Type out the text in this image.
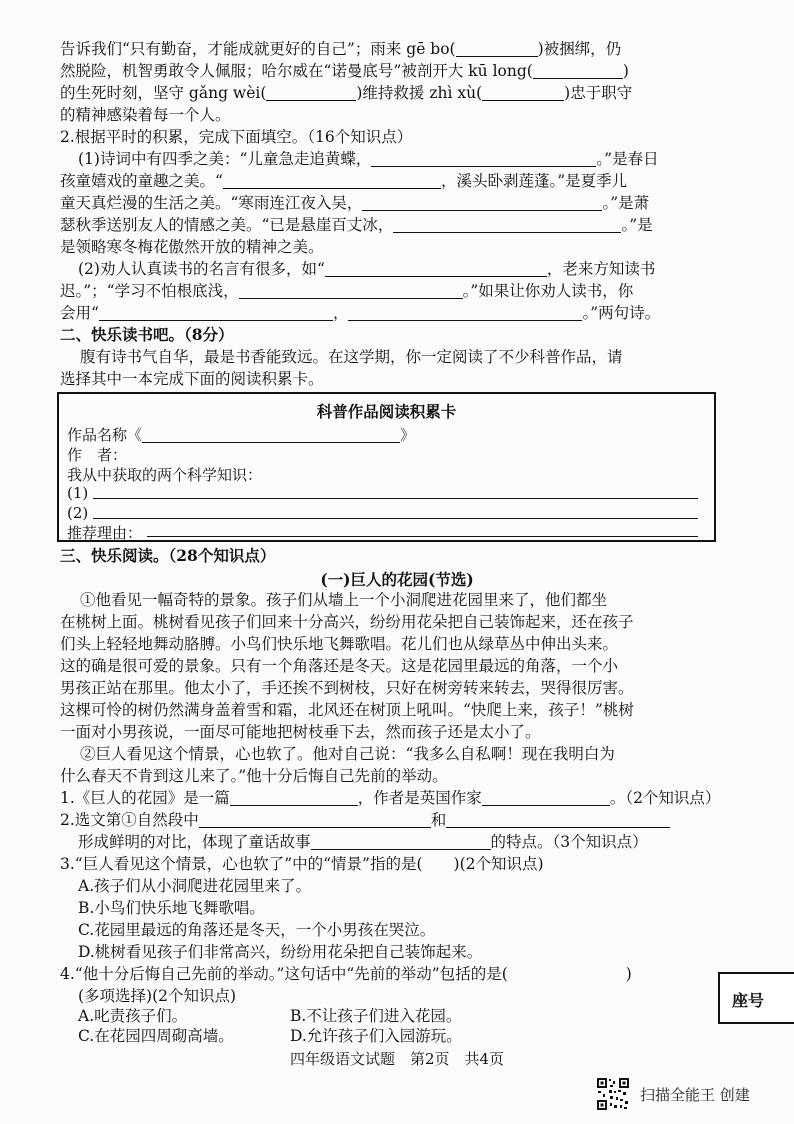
告诉我们“只有勤奋，才能成就更好的自己”；雨来 gē bo(	)被捆绑，仍
然脱险，机智勇敢令人佩服；哈尔威在“诺曼底号”被剖开大 kū long(	)
的生死时刻，坚守 gǎng wèi(	)维持救援 zhì xù(	)忠于职守
的精神感染着每一个人。
2.根据平时的积累，完成下面填空。（16个知识点）
(1)诗词中有四季之美：“儿童急走追黄蝶，	。”是春日
孩童嬉戏的童趣之美。“	，溪头卧剥莲蓬。”是夏季儿
童天真烂漫的生活之美。“寒雨连江夜入吴，	。”是萧
瑟秋季送别友人的情感之美。“已是悬崖百丈冰，	。”是
是领略寒冬梅花傲然开放的精神之美。
(2)劝人认真读书的名言有很多，如“	，老来方知读书
迟。”；“学习不怕根底浅，	。”如果让你劝人读书，你
会用“	，	。”两句诗。
二、快乐读书吧。（8分）
腹有诗书气自华，最是书香能致远。在这学期，你一定阅读了不少科普作品，请
选择其中一本完成下面的阅读积累卡。
科普作品阅读积累卡
作品名称《	》
作　者：
我从中获取的两个科学知识：
(1)
(2)
推荐理由：
三、快乐阅读。（28个知识点）
(一)巨人的花园(节选)
①他看见一幅奇特的景象。孩子们从墙上一个小洞爬进花园里来了，他们都坐
在桃树上面。桃树看见孩子们回来十分高兴，纷纷用花朵把自己装饰起来，还在孩子
们头上轻轻地舞动胳膊。小鸟们快乐地飞舞歌唱。花儿们也从绿草丛中伸出头来。
这的确是很可爱的景象。只有一个角落还是冬天。这是花园里最远的角落，一个小
男孩正站在那里。他太小了，手还挨不到树枝，只好在树旁转来转去，哭得很厉害。
这棵可怜的树仍然满身盖着雪和霜，北风还在树顶上吼叫。“快爬上来，孩子！”桃树
一面对小男孩说，一面尽可能地把树枝垂下去，然而孩子还是太小了。
②巨人看见这个情景，心也软了。他对自己说：“我多么自私啊！现在我明白为
什么春天不肯到这儿来了。”他十分后悔自己先前的举动。
1.《巨人的花园》是一篇	，作者是英国作家	。（2个知识点）
2.选文第①自然段中	和
形成鲜明的对比，体现了童话故事	的特点。（3个知识点）
3.“巨人看见这个情景，心也软了”中的“情景”指的是(　　)(2个知识点)
A.孩子们从小洞爬进花园里来了。
B.小鸟们快乐地飞舞歌唱。
C.花园里最远的角落还是冬天，一个小男孩在哭泣。
D.桃树看见孩子们非常高兴，纷纷用花朵把自己装饰起来。
4.“他十分后悔自己先前的举动。”这句话中“先前的举动”包括的是(	)
(多项选择)(2个知识点)
A.叱责孩子们。	B.不让孩子们进入花园。
座号
四年级语文试题　第2页　共4页
扫描全能王 创建
C.在花园四周砌高墙。	D.允许孩子们入园游玩。
